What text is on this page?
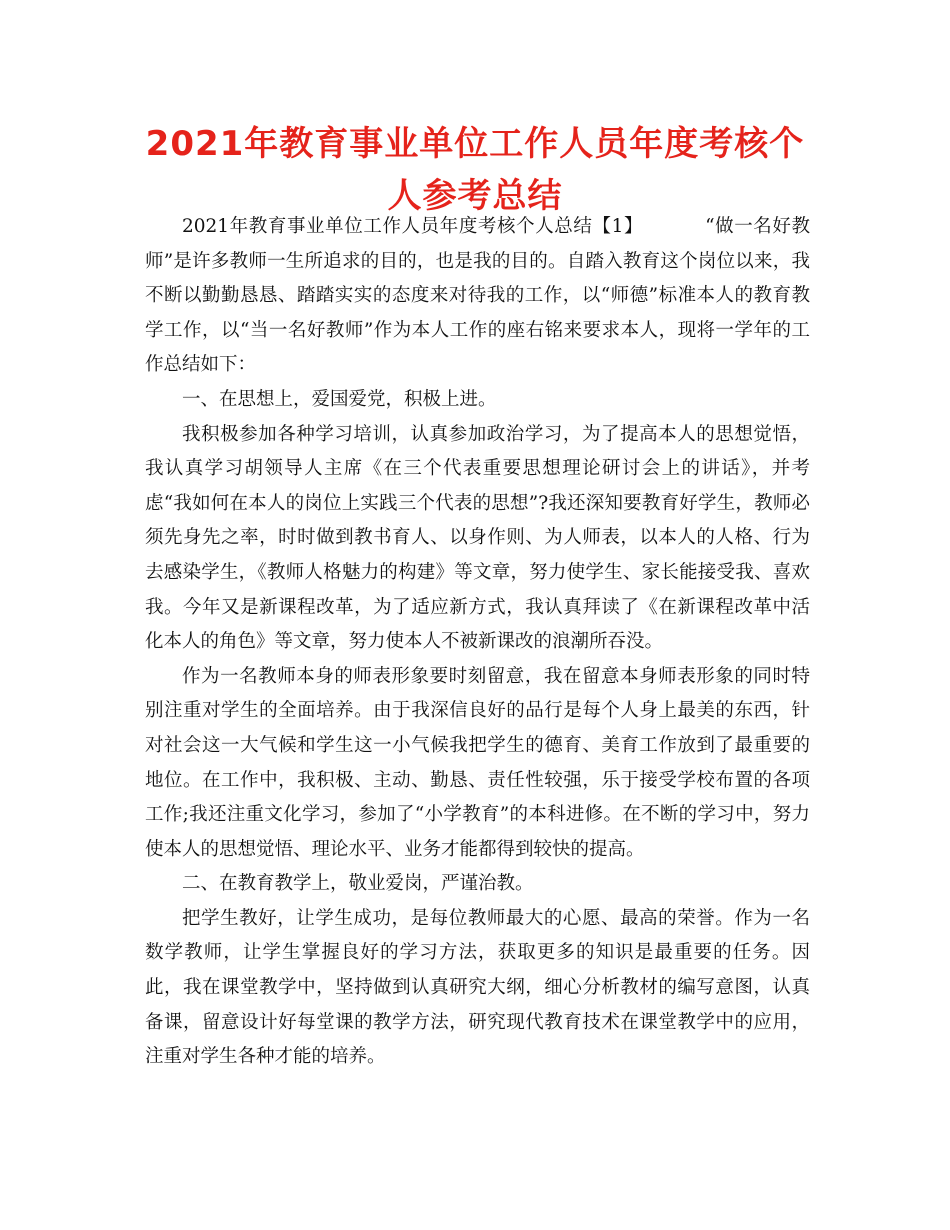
2021年教育事业单位工作人员年度考核个人参考总结

2021年教育事业单位工作人员年度考核个人总结【1】	“做一名好教师”是许多教师一生所追求的目的，也是我的目的。自踏入教育这个岗位以来，我不断以勤勤恳恳、踏踏实实的态度来对待我的工作，以“师德”标准本人的教育教学工作，以“当一名好教师”作为本人工作的座右铭来要求本人，现将一学年的工作总结如下：

一、在思想上，爱国爱党，积极上进。

我积极参加各种学习培训，认真参加政治学习，为了提高本人的思想觉悟，我认真学习胡领导人主席《在三个代表重要思想理论研讨会上的讲话》，并考虑“我如何在本人的岗位上实践三个代表的思想”?我还深知要教育好学生，教师必须先身先之率，时时做到教书育人、以身作则、为人师表，以本人的人格、行为去感染学生，《教师人格魅力的构建》等文章，努力使学生、家长能接受我、喜欢我。今年又是新课程改革，为了适应新方式，我认真拜读了《在新课程改革中活化本人的角色》等文章，努力使本人不被新课改的浪潮所吞没。

作为一名教师本身的师表形象要时刻留意，我在留意本身师表形象的同时特别注重对学生的全面培养。由于我深信良好的品行是每个人身上最美的东西，针对社会这一大气候和学生这一小气候我把学生的德育、美育工作放到了最重要的地位。在工作中，我积极、主动、勤恳、责任性较强，乐于接受学校布置的各项工作;我还注重文化学习，参加了“小学教育”的本科进修。在不断的学习中，努力使本人的思想觉悟、理论水平、业务才能都得到较快的提高。

二、在教育教学上，敬业爱岗，严谨治教。

把学生教好，让学生成功，是每位教师最大的心愿、最高的荣誉。作为一名数学教师，让学生掌握良好的学习方法，获取更多的知识是最重要的任务。因此，我在课堂教学中，坚持做到认真研究大纲，细心分析教材的编写意图，认真备课，留意设计好每堂课的教学方法，研究现代教育技术在课堂教学中的应用，注重对学生各种才能的培养。
